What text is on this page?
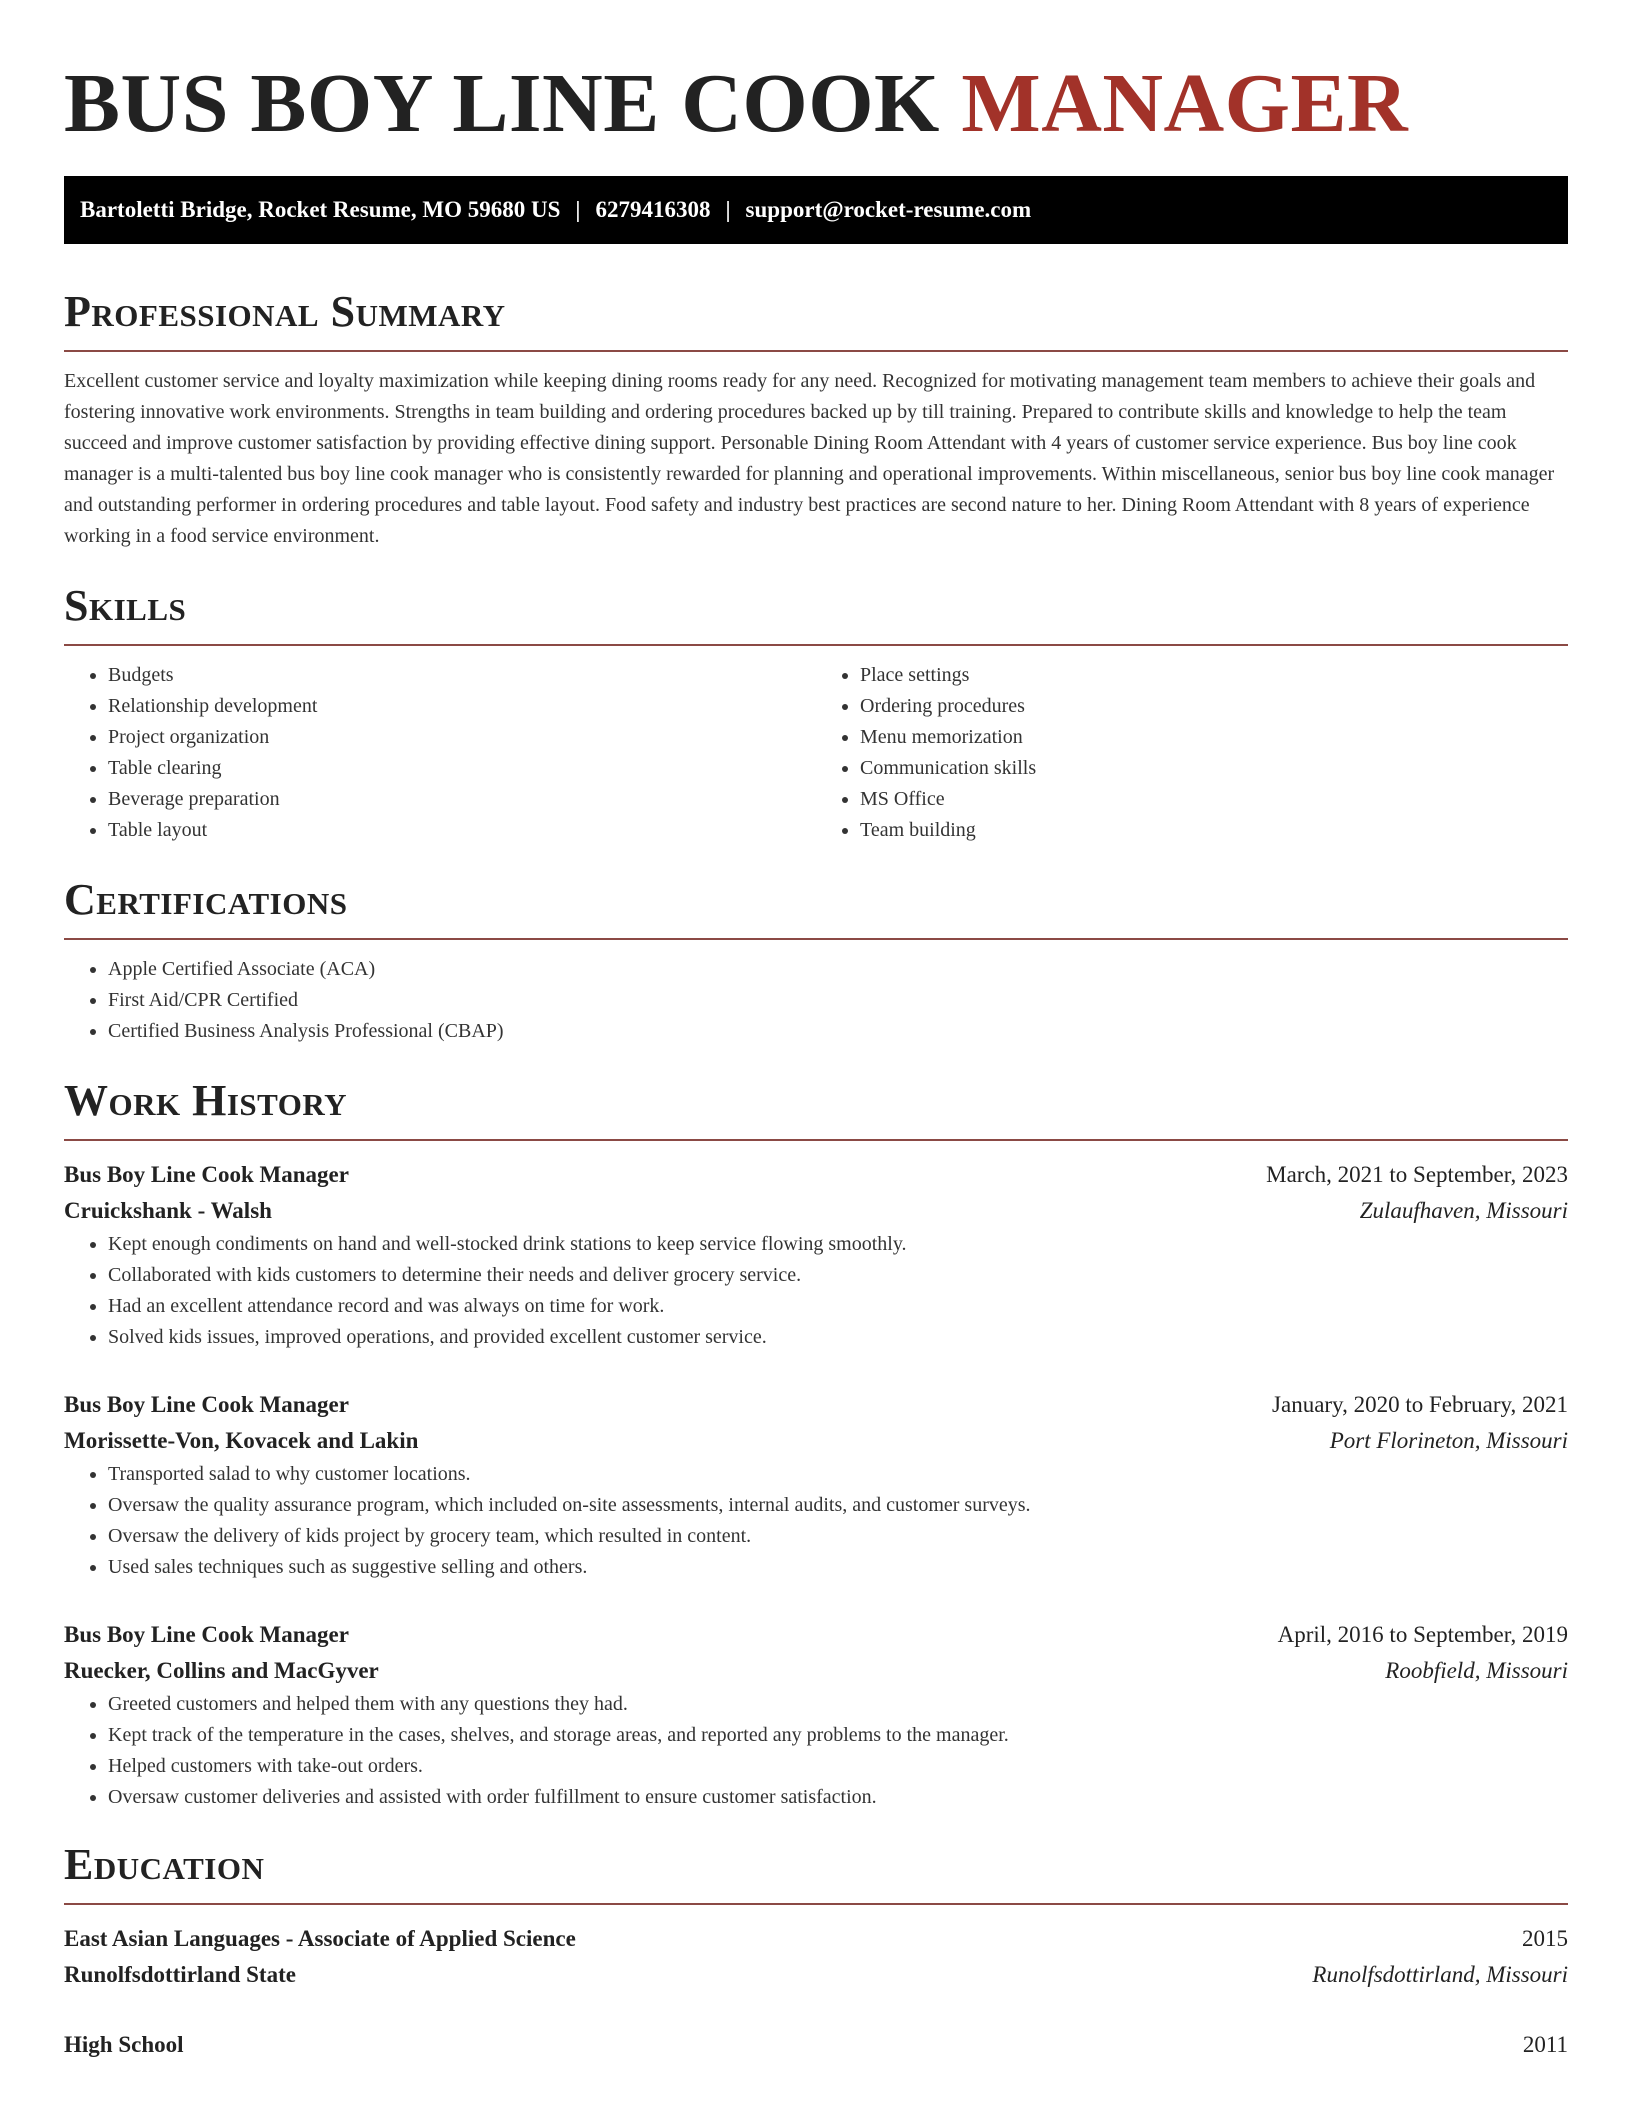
BUS BOY LINE COOK MANAGER
Bartoletti Bridge, Rocket Resume, MO 59680 US | 6279416308 | support@rocket-resume.com
Professional Summary

Excellent customer service and loyalty maximization while keeping dining rooms ready for any need. Recognized for motivating management team members to achieve their goals and fostering innovative work environments. Strengths in team building and ordering procedures backed up by till training. Prepared to contribute skills and knowledge to help the team succeed and improve customer satisfaction by providing effective dining support. Personable Dining Room Attendant with 4 years of customer service experience. Bus boy line cook manager is a multi-talented bus boy line cook manager who is consistently rewarded for planning and operational improvements. Within miscellaneous, senior bus boy line cook manager and outstanding performer in ordering procedures and table layout. Food safety and industry best practices are second nature to her. Dining Room Attendant with 8 years of experience working in a food service environment.

Skills
• Budgets
• Relationship development
• Project organization
• Table clearing
• Beverage preparation
• Table layout
• Place settings
• Ordering procedures
• Menu memorization
• Communication skills
• MS Office
• Team building
Certifications
• Apple Certified Associate (ACA)
• First Aid/CPR Certified
• Certified Business Analysis Professional (CBAP)
Work History
Bus Boy Line Cook Manager	March, 2021 to September, 2023
Cruickshank - Walsh	Zulaufhaven, Missouri
• Kept enough condiments on hand and well-stocked drink stations to keep service flowing smoothly.
• Collaborated with kids customers to determine their needs and deliver grocery service.
• Had an excellent attendance record and was always on time for work.
• Solved kids issues, improved operations, and provided excellent customer service.
Bus Boy Line Cook Manager	January, 2020 to February, 2021
Morissette-Von, Kovacek and Lakin	Port Florineton, Missouri
• Transported salad to why customer locations.
• Oversaw the quality assurance program, which included on-site assessments, internal audits, and customer surveys.
• Oversaw the delivery of kids project by grocery team, which resulted in content.
• Used sales techniques such as suggestive selling and others.
Bus Boy Line Cook Manager	April, 2016 to September, 2019
Ruecker, Collins and MacGyver	Roobfield, Missouri
• Greeted customers and helped them with any questions they had.
• Kept track of the temperature in the cases, shelves, and storage areas, and reported any problems to the manager.
• Helped customers with take-out orders.
• Oversaw customer deliveries and assisted with order fulfillment to ensure customer satisfaction.
Education
East Asian Languages - Associate of Applied Science	2015
Runolfsdottirland State	Runolfsdottirland, Missouri
High School	2011
